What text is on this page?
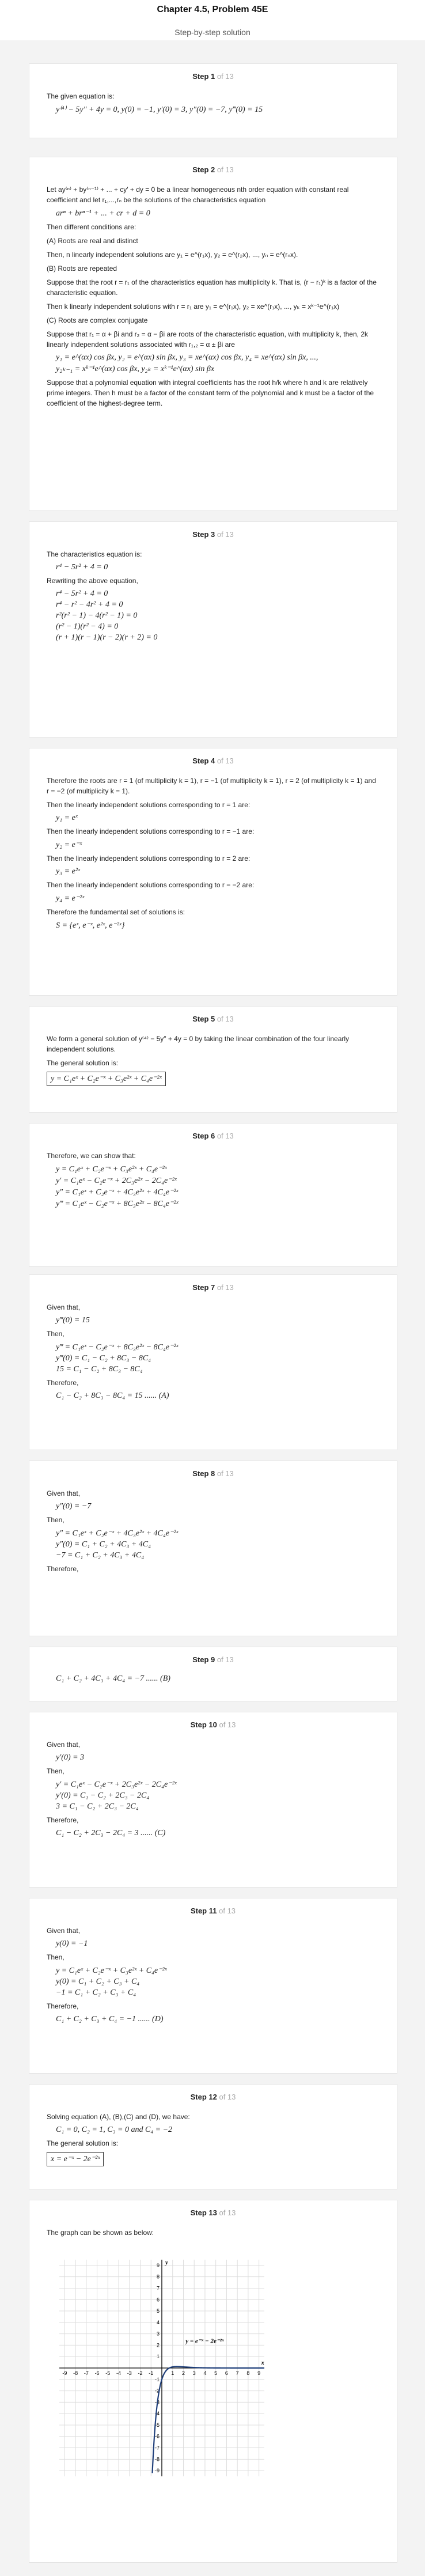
Chapter 4.5, Problem 45E
Step-by-step solution
Step 1 of 13

The given equation is:

y⁽⁴⁾ − 5y″ + 4y = 0, y(0) = −1, y′(0) = 3, y″(0) = −7, y‴(0) = 15
Step 2 of 13

Let ay⁽ⁿ⁾ + by⁽ⁿ⁻¹⁾ + ... + cy′ + dy = 0 be a linear homogeneous nth order equation with constant real coefficient and let r₁,...,rₙ be the solutions of the characteristics equation

arⁿ + brⁿ⁻¹ + ... + cr + d = 0

Then different conditions are:

(A) Roots are real and distinct

Then, n linearly independent solutions are y₁ = e^(r₁x), y₂ = e^(r₂x), ..., yₙ = e^(rₙx).

(B) Roots are repeated

Suppose that the root r = r₁ of the characteristics equation has multiplicity k. That is, (r − r₁)ᵏ is a factor of the characteristic equation.

Then k linearly independent solutions with r = r₁ are y₁ = e^(r₁x), y₂ = xe^(r₁x), ..., yₖ = xᵏ⁻¹e^(r₁x)

(C) Roots are complex conjugate

Suppose that r₁ = α + βi and r₂ = α − βi are roots of the characteristic equation, with multiplicity k, then, 2k linearly independent solutions associated with r₁,₂ = α ± βi are

y₁ = e^(αx) cos βx, y₂ = e^(αx) sin βx, y₃ = xe^(αx) cos βx, y₄ = xe^(αx) sin βx, ...,
y₂ₖ₋₁ = xᵏ⁻¹e^(αx) cos βx, y₂ₖ = xᵏ⁻¹e^(αx) sin βx

Suppose that a polynomial equation with integral coefficients has the root h/k where h and k are relatively prime integers. Then h must be a factor of the constant term of the polynomial and k must be a factor of the coefficient of the highest-degree term.

Step 3 of 13

The characteristics equation is:

r⁴ − 5r² + 4 = 0

Rewriting the above equation,

r⁴ − 5r² + 4 = 0
r⁴ − r² − 4r² + 4 = 0
r²(r² − 1) − 4(r² − 1) = 0
(r² − 1)(r² − 4) = 0
(r + 1)(r − 1)(r − 2)(r + 2) = 0
Step 4 of 13

Therefore the roots are r = 1 (of multiplicity k = 1), r = −1 (of multiplicity k = 1), r = 2 (of multiplicity k = 1) and r = −2 (of multiplicity k = 1).

Then the linearly independent solutions corresponding to r = 1 are:

y₁ = eˣ

Then the linearly independent solutions corresponding to r = −1 are:

y₂ = e⁻ˣ

Then the linearly independent solutions corresponding to r = 2 are:

y₃ = e²ˣ

Then the linearly independent solutions corresponding to r = −2 are:

y₄ = e⁻²ˣ

Therefore the fundamental set of solutions is:

S = {eˣ, e⁻ˣ, e²ˣ, e⁻²ˣ}
Step 5 of 13

We form a general solution of y⁽⁴⁾ − 5y″ + 4y = 0 by taking the linear combination of the four linearly independent solutions.

The general solution is:

y = C₁eˣ + C₂e⁻ˣ + C₃e²ˣ + C₄e⁻²ˣ
Step 6 of 13

Therefore, we can show that:

y = C₁eˣ + C₂e⁻ˣ + C₃e²ˣ + C₄e⁻²ˣ
y′ = C₁eˣ − C₂e⁻ˣ + 2C₃e²ˣ − 2C₄e⁻²ˣ
y″ = C₁eˣ + C₂e⁻ˣ + 4C₃e²ˣ + 4C₄e⁻²ˣ
y‴ = C₁eˣ − C₂e⁻ˣ + 8C₃e²ˣ − 8C₄e⁻²ˣ
Step 7 of 13

Given that,

y‴(0) = 15

Then,

y‴ = C₁eˣ − C₂e⁻ˣ + 8C₃e²ˣ − 8C₄e⁻²ˣ
y‴(0) = C₁ − C₂ + 8C₃ − 8C₄
15 = C₁ − C₂ + 8C₃ − 8C₄

Therefore,

C₁ − C₂ + 8C₃ − 8C₄ = 15 ...... (A)
Step 8 of 13

Given that,

y″(0) = −7

Then,

y″ = C₁eˣ + C₂e⁻ˣ + 4C₃e²ˣ + 4C₄e⁻²ˣ
y″(0) = C₁ + C₂ + 4C₃ + 4C₄
−7 = C₁ + C₂ + 4C₃ + 4C₄

Therefore,

Step 9 of 13
C₁ + C₂ + 4C₃ + 4C₄ = −7 ...... (B)
Step 10 of 13

Given that,

y′(0) = 3

Then,

y′ = C₁eˣ − C₂e⁻ˣ + 2C₃e²ˣ − 2C₄e⁻²ˣ
y′(0) = C₁ − C₂ + 2C₃ − 2C₄
3 = C₁ − C₂ + 2C₃ − 2C₄

Therefore,

C₁ − C₂ + 2C₃ − 2C₄ = 3 ...... (C)
Step 11 of 13

Given that,

y(0) = −1

Then,

y = C₁eˣ + C₂e⁻ˣ + C₃e²ˣ + C₄e⁻²ˣ
y(0) = C₁ + C₂ + C₃ + C₄
−1 = C₁ + C₂ + C₃ + C₄

Therefore,

C₁ + C₂ + C₃ + C₄ = −1 ...... (D)
Step 12 of 13

Solving equation (A), (B),(C) and (D), we have:

C₁ = 0, C₂ = 1, C₃ = 0 and C₄ = −2

The general solution is:

x = e⁻ˣ − 2e⁻²ˣ
Step 13 of 13

The graph can be shown as below:

-9 -8 -7 -6 -5 -4 -3 -2 -1	1 2 3 4 5 6 7 8 9
9
8
7
6
5
4
3
2
1
-1
-2
-3
-4
-5
-6
-7
-8
-9
x
y
y = e⁻ˣ − 2e⁻²ˣ
